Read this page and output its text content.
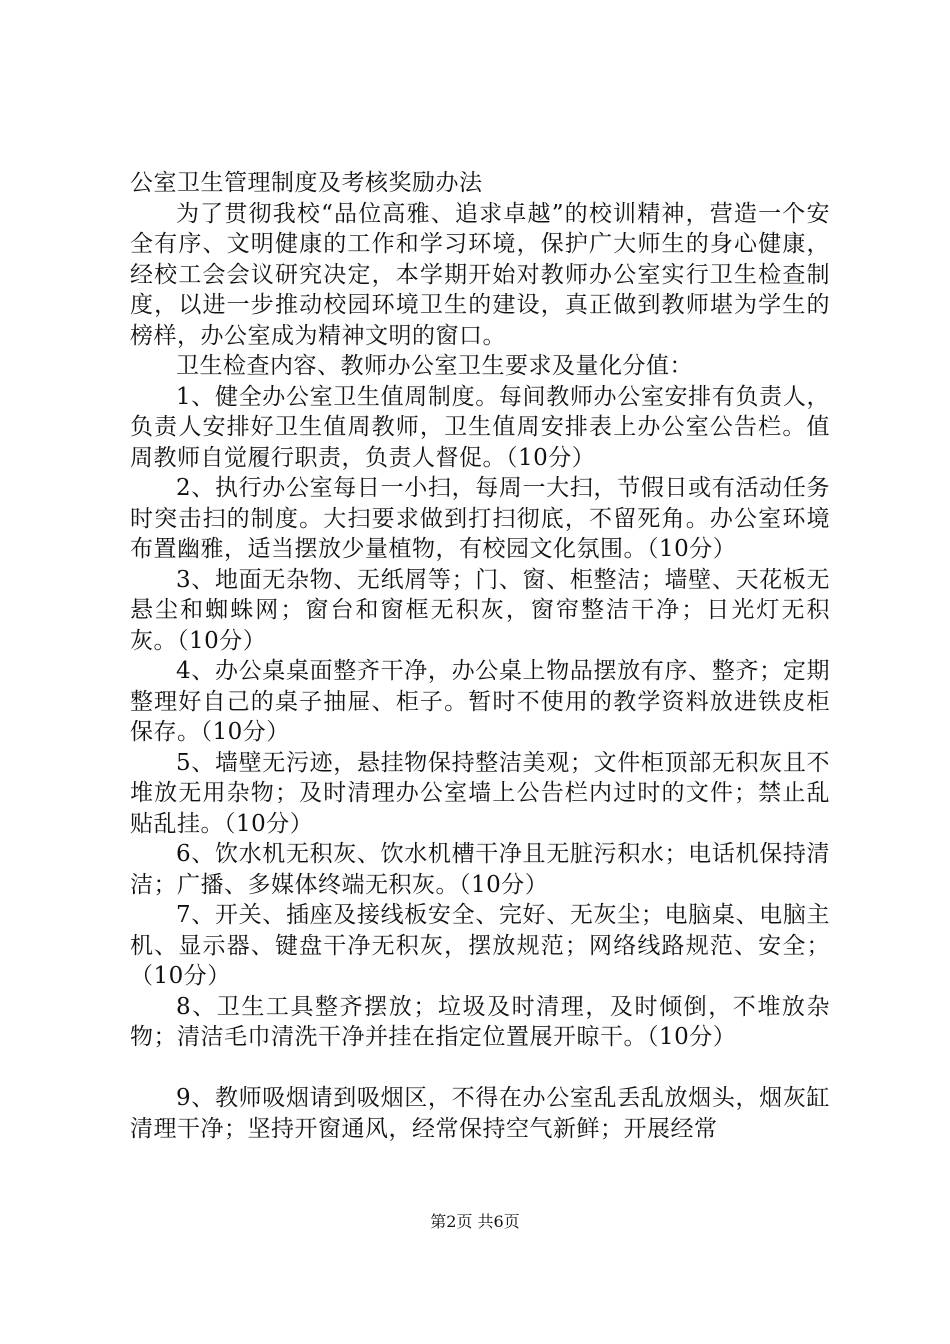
公室卫生管理制度及考核奖励办法

为了贯彻我校“品位高雅、追求卓越”的校训精神，营造一个安全有序、文明健康的工作和学习环境，保护广大师生的身心健康，经校工会会议研究决定，本学期开始对教师办公室实行卫生检查制度，以进一步推动校园环境卫生的建设，真正做到教师堪为学生的榜样，办公室成为精神文明的窗口。

卫生检查内容、教师办公室卫生要求及量化分值：

1、健全办公室卫生值周制度。每间教师办公室安排有负责人，负责人安排好卫生值周教师，卫生值周安排表上办公室公告栏。值周教师自觉履行职责，负责人督促。（10分）

2、执行办公室每日一小扫，每周一大扫，节假日或有活动任务时突击扫的制度。大扫要求做到打扫彻底，不留死角。办公室环境布置幽雅，适当摆放少量植物，有校园文化氛围。（10分）

3、地面无杂物、无纸屑等；门、窗、柜整洁；墙壁、天花板无悬尘和蜘蛛网；窗台和窗框无积灰，窗帘整洁干净；日光灯无积灰。（10分）

4、办公桌桌面整齐干净，办公桌上物品摆放有序、整齐；定期整理好自己的桌子抽屉、柜子。暂时不使用的教学资料放进铁皮柜保存。（10分）

5、墙壁无污迹，悬挂物保持整洁美观；文件柜顶部无积灰且不堆放无用杂物；及时清理办公室墙上公告栏内过时的文件；禁止乱贴乱挂。（10分）

6、饮水机无积灰、饮水机槽干净且无脏污积水；电话机保持清洁；广播、多媒体终端无积灰。（10分）

7、开关、插座及接线板安全、完好、无灰尘；电脑桌、电脑主机、显示器、键盘干净无积灰，摆放规范；网络线路规范、安全；（10分）

8、卫生工具整齐摆放；垃圾及时清理，及时倾倒，不堆放杂物；清洁毛巾清洗干净并挂在指定位置展开晾干。（10分）

9、教师吸烟请到吸烟区，不得在办公室乱丢乱放烟头，烟灰缸清理干净；坚持开窗通风，经常保持空气新鲜；开展经常

第2页 共6页
